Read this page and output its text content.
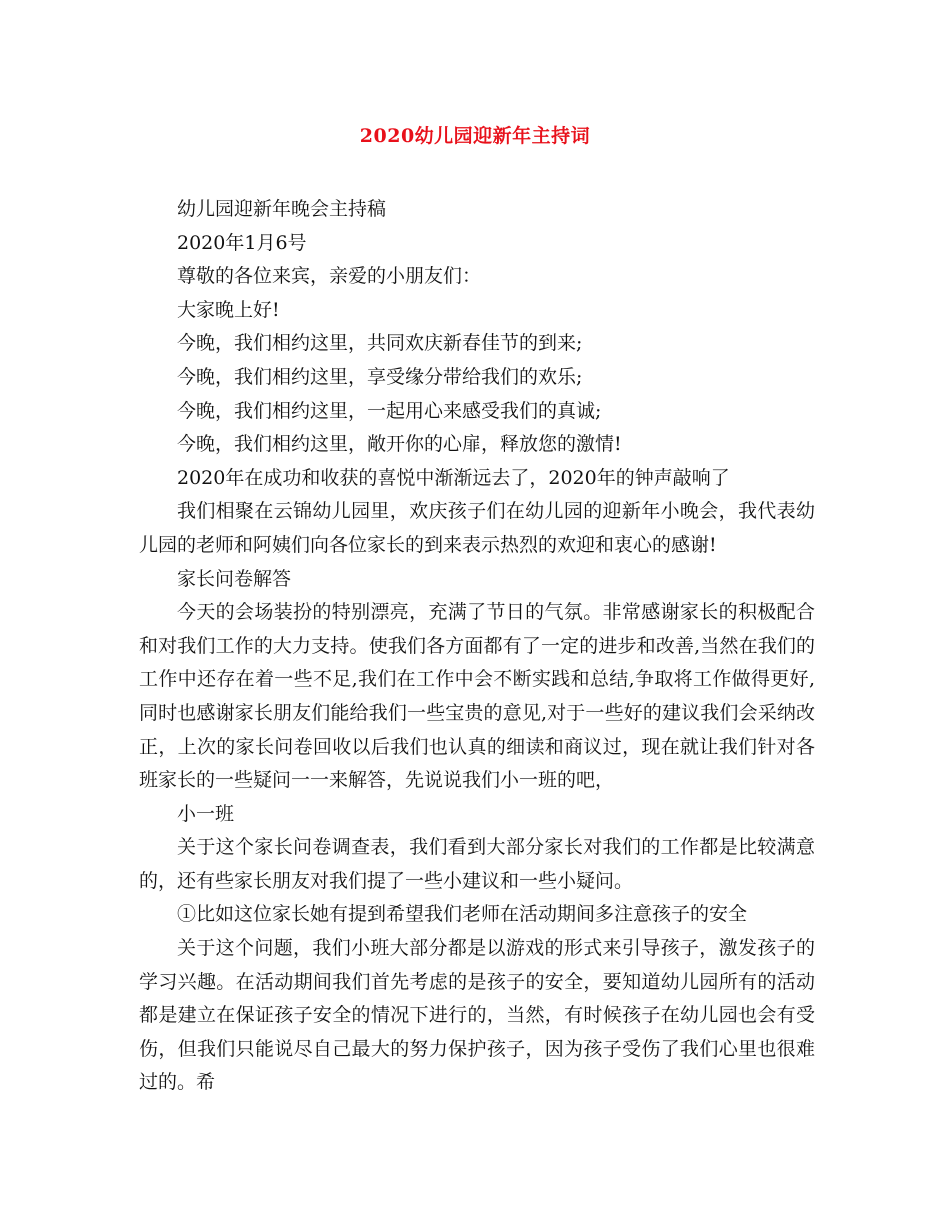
2020幼儿园迎新年主持词

幼儿园迎新年晚会主持稿

2020年1月6号

尊敬的各位来宾，亲爱的小朋友们：

大家晚上好!

今晚，我们相约这里，共同欢庆新春佳节的到来;

今晚，我们相约这里，享受缘分带给我们的欢乐;

今晚，我们相约这里，一起用心来感受我们的真诚;

今晚，我们相约这里，敞开你的心扉，释放您的激情!

2020年在成功和收获的喜悦中渐渐远去了，2020年的钟声敲响了

我们相聚在云锦幼儿园里，欢庆孩子们在幼儿园的迎新年小晚会，我代表幼儿园的老师和阿姨们向各位家长的到来表示热烈的欢迎和衷心的感谢!

家长问卷解答

今天的会场装扮的特别漂亮，充满了节日的气氛。非常感谢家长的积极配合和对我们工作的大力支持。使我们各方面都有了一定的进步和改善,当然在我们的工作中还存在着一些不足,我们在工作中会不断实践和总结,争取将工作做得更好,同时也感谢家长朋友们能给我们一些宝贵的意见,对于一些好的建议我们会采纳改正，上次的家长问卷回收以后我们也认真的细读和商议过，现在就让我们针对各班家长的一些疑问一一来解答，先说说我们小一班的吧，

小一班

关于这个家长问卷调查表，我们看到大部分家长对我们的工作都是比较满意的，还有些家长朋友对我们提了一些小建议和一些小疑问。

①比如这位家长她有提到希望我们老师在活动期间多注意孩子的安全

关于这个问题，我们小班大部分都是以游戏的形式来引导孩子，激发孩子的学习兴趣。在活动期间我们首先考虑的是孩子的安全，要知道幼儿园所有的活动都是建立在保证孩子安全的情况下进行的，当然，有时候孩子在幼儿园也会有受伤，但我们只能说尽自己最大的努力保护孩子，因为孩子受伤了我们心里也很难过的。希
